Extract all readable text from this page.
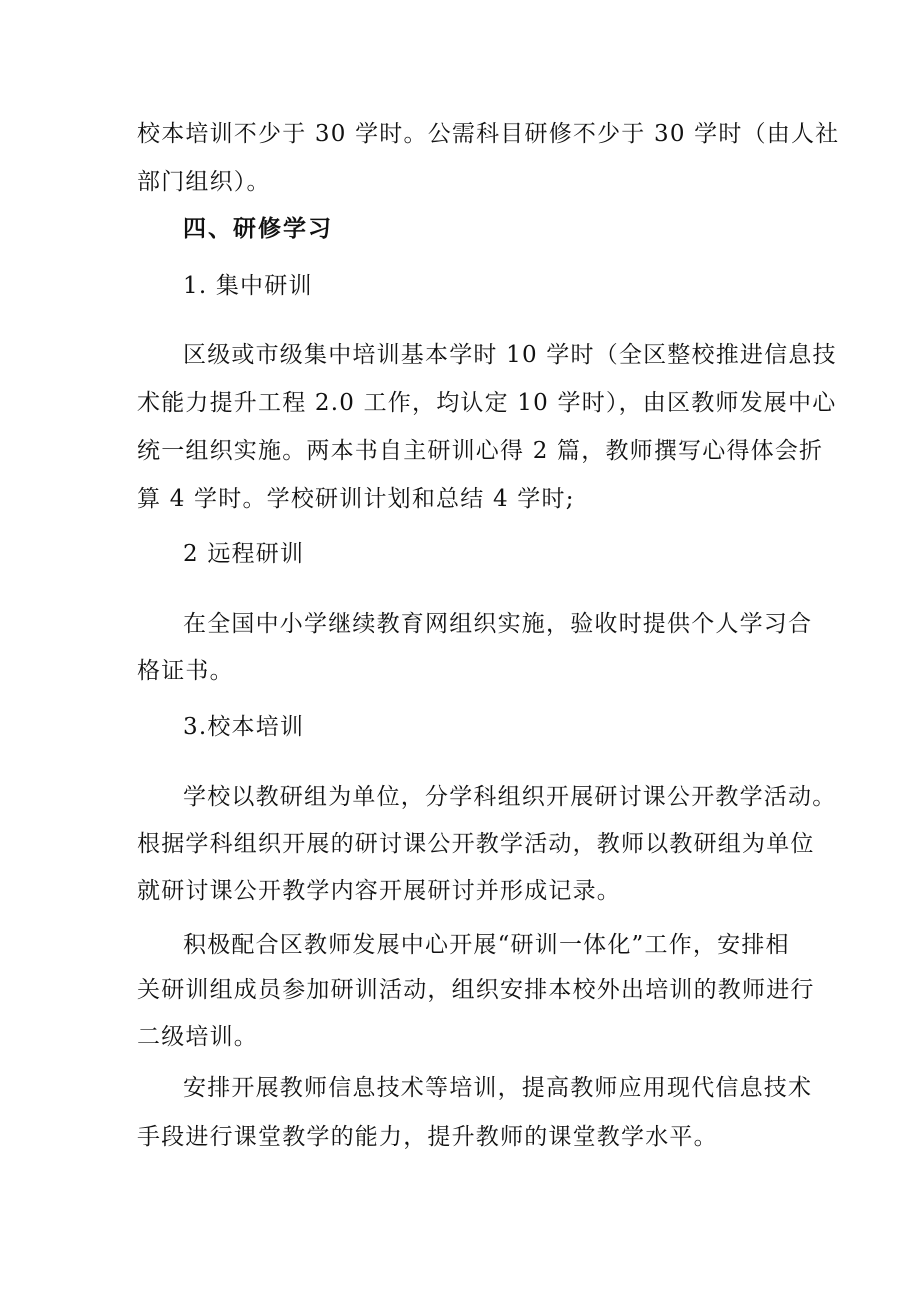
校本培训不少于 30 学时。公需科目研修不少于 30 学时（由人社
部门组织）。
四、研修学习
1. 集中研训
区级或市级集中培训基本学时 10 学时（全区整校推进信息技
术能力提升工程 2.0 工作，均认定 10 学时），由区教师发展中心
统一组织实施。两本书自主研训心得 2 篇，教师撰写心得体会折
算 4 学时。学校研训计划和总结 4 学时;
2 远程研训
在全国中小学继续教育网组织实施，验收时提供个人学习合
格证书。
3.校本培训
学校以教研组为单位，分学科组织开展研讨课公开教学活动。
根据学科组织开展的研讨课公开教学活动，教师以教研组为单位
就研讨课公开教学内容开展研讨并形成记录。
积极配合区教师发展中心开展“研训一体化”工作，安排相
关研训组成员参加研训活动，组织安排本校外出培训的教师进行
二级培训。
安排开展教师信息技术等培训，提高教师应用现代信息技术
手段进行课堂教学的能力，提升教师的课堂教学水平。
